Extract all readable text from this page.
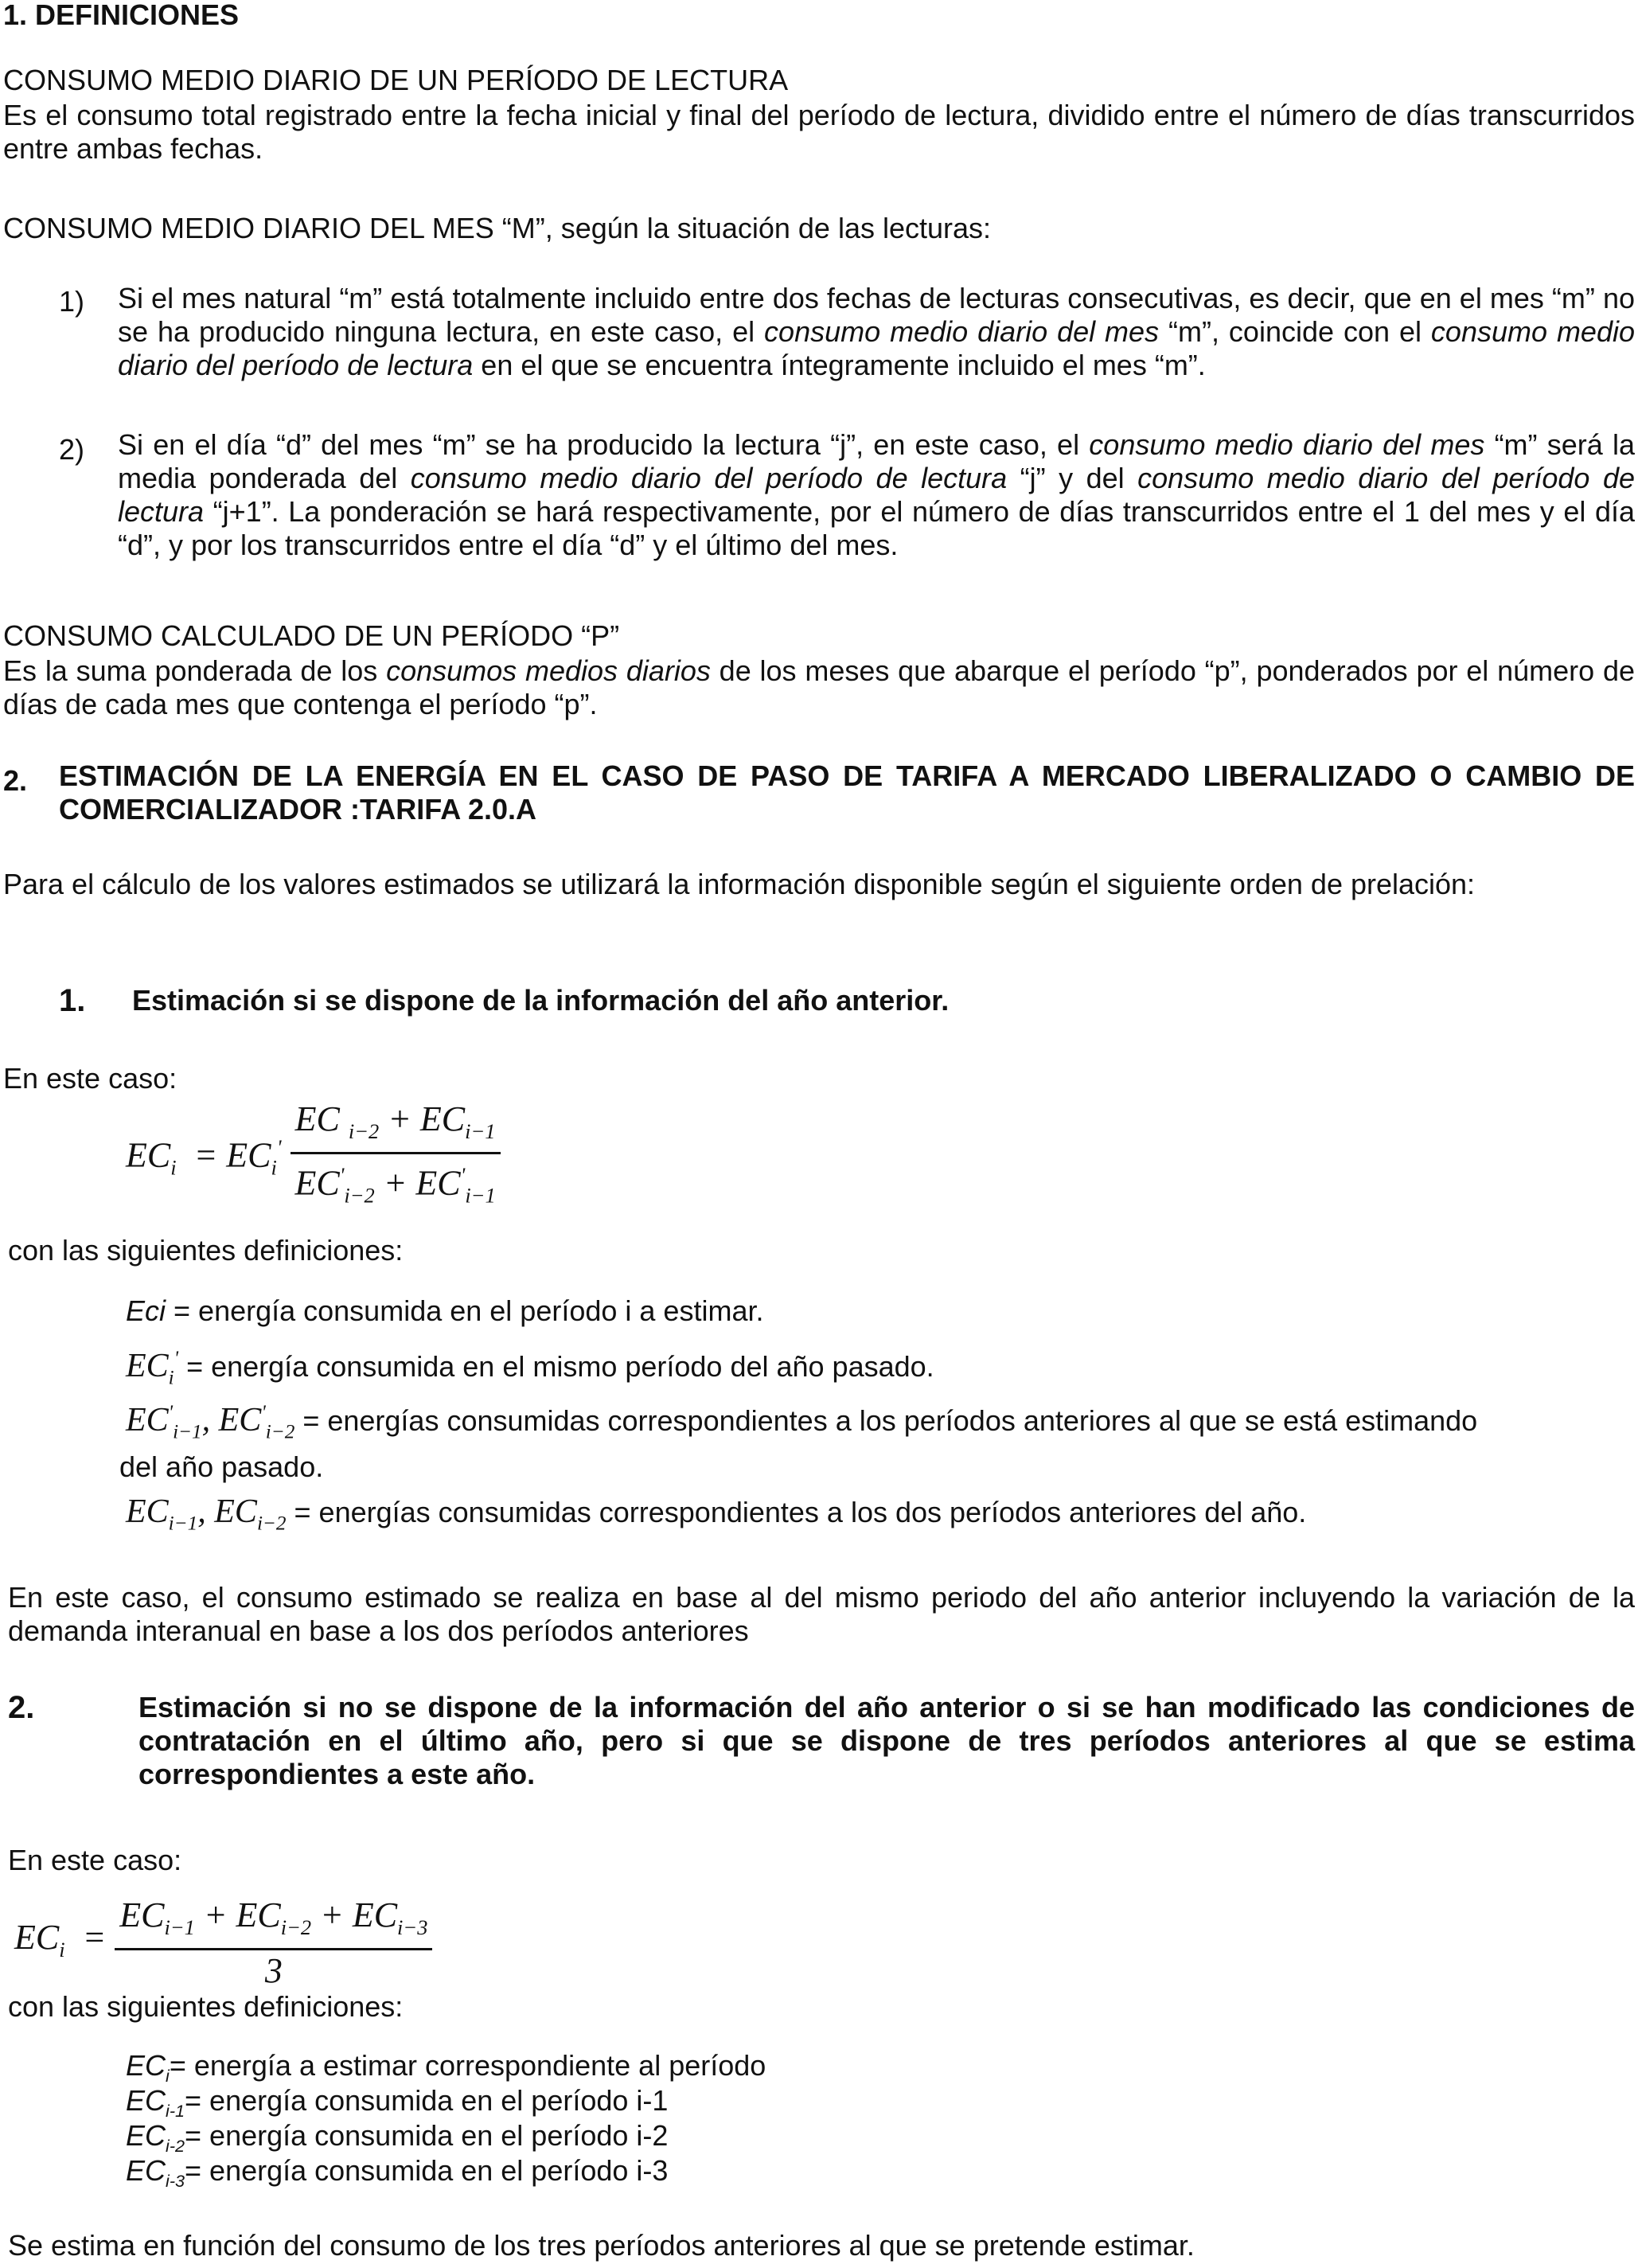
1. DEFINICIONES
CONSUMO MEDIO DIARIO DE UN PERÍODO DE LECTURA
Es el consumo total registrado entre la fecha inicial y final del período de lectura, dividido entre el número de días transcurridos entre ambas fechas.
CONSUMO MEDIO DIARIO DEL MES “M”, según la situación de las lecturas:
1) Si el mes natural “m” está totalmente incluido entre dos fechas de lecturas consecutivas, es decir, que en el mes “m” no se ha producido ninguna lectura, en este caso, el consumo medio diario del mes “m”, coincide con el consumo medio diario del período de lectura en el que se encuentra íntegramente incluido el mes “m”.
2) Si en el día “d” del mes “m” se ha producido la lectura “j”, en este caso, el consumo medio diario del mes “m” será la media ponderada del consumo medio diario del período de lectura “j” y del consumo medio diario del período de lectura “j+1”. La ponderación se hará respectivamente, por el número de días transcurridos entre el 1 del mes y el día “d”, y por los transcurridos entre el día “d” y el último del mes.
CONSUMO CALCULADO DE UN PERÍODO “P”
Es la suma ponderada de los consumos medios diarios de los meses que abarque el período “p”, ponderados por el número de días de cada mes que contenga el período “p”.
2. ESTIMACIÓN DE LA ENERGÍA EN EL CASO DE PASO DE TARIFA A MERCADO LIBERALIZADO O CAMBIO DE COMERCIALIZADOR :TARIFA 2.0.A
Para el cálculo de los valores estimados se utilizará la información disponible según el siguiente orden de prelación:
1. Estimación si se dispone de la información del año anterior.
En este caso:
$EC_i = EC_i' \frac{EC _{i-2} + EC_{i-1}}{EC'_{i-2} + EC'_{i-1}}$
con las siguientes definiciones:
Eci = energía consumida en el período i a estimar.
$EC_i'$ = energía consumida en el mismo período del año pasado.
$EC'_{i-1}$, $EC'_{i-2}$ = energías consumidas correspondientes a los períodos anteriores al que se está estimando
del año pasado.
$EC_{i-1}$, $EC_{i-2}$ = energías consumidas correspondientes a los dos períodos anteriores del año.
En este caso, el consumo estimado se realiza en base al del mismo periodo del año anterior incluyendo la variación de la demanda interanual en base a los dos períodos anteriores
2.	Estimación si no se dispone de la información del año anterior o si se han modificado las condiciones de contratación en el último año, pero si que se dispone de tres períodos anteriores al que se estima correspondientes a este año.
En este caso:
$EC_i = \frac{EC_{i-1} + EC_{i-2} + EC_{i-3}}{3}$
con las siguientes definiciones:
$EC_i=$ energía a estimar correspondiente al período
$EC_{i-1}=$ energía consumida en el período i-1
$EC_{i-2}=$ energía consumida en el período i-2
$EC_{i-3}=$ energía consumida en el período i-3
Se estima en función del consumo de los tres períodos anteriores al que se pretende estimar.
